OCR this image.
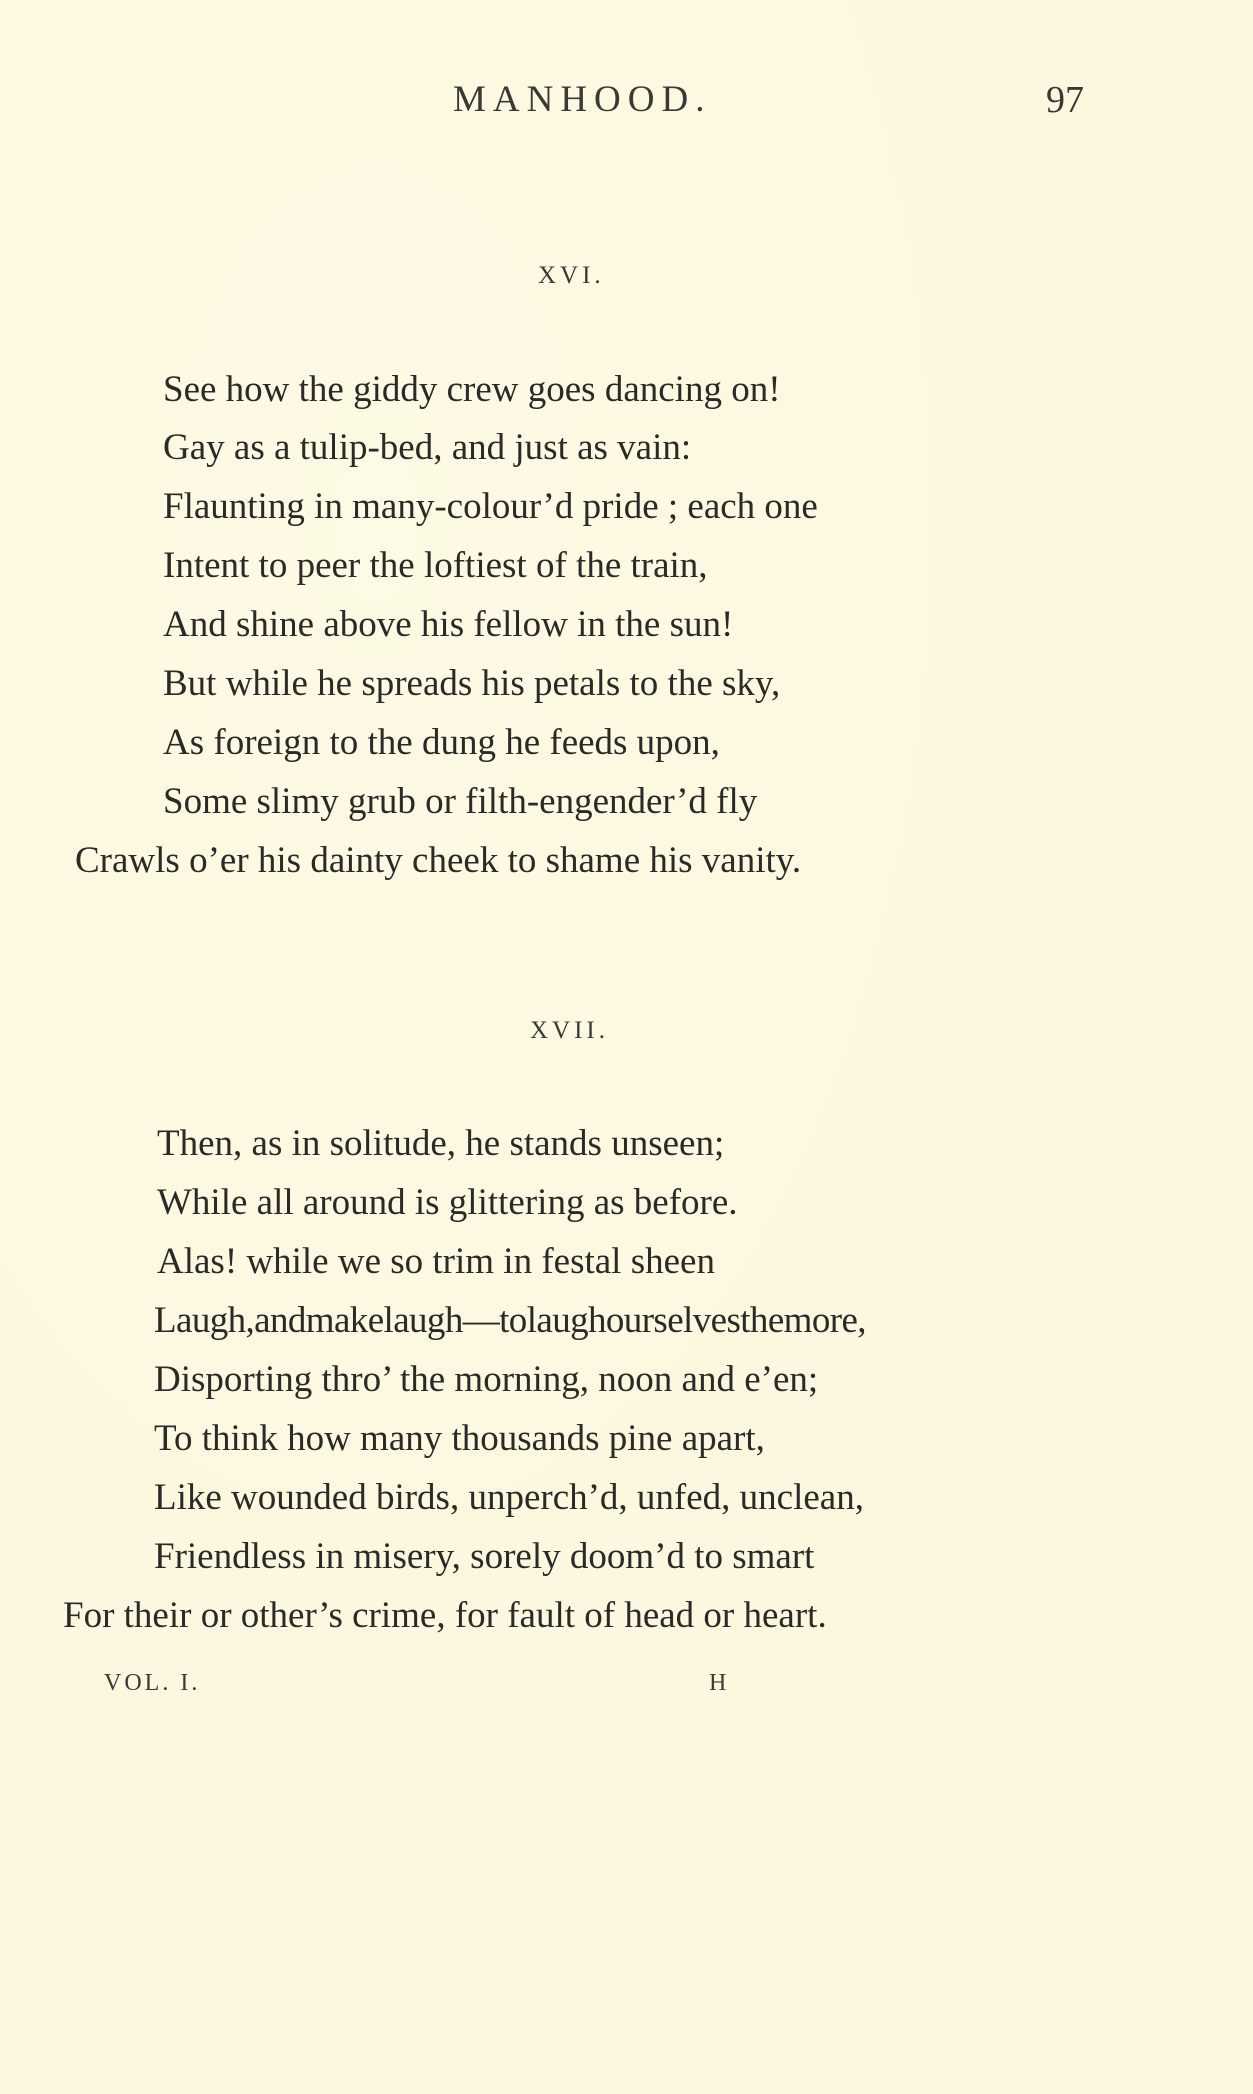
MANHOOD.	97
XVI.
See how the giddy crew goes dancing on!
Gay as a tulip-bed, and just as vain:
Flaunting in many-colour’d pride ; each one
Intent to peer the loftiest of the train,
And shine above his fellow in the sun!
But while he spreads his petals to the sky,
As foreign to the dung he feeds upon,
Some slimy grub or filth-engender’d fly
Crawls o’er his dainty cheek to shame his vanity.
XVII.
Then, as in solitude, he stands unseen;
While all around is glittering as before.
Alas! while we so trim in festal sheen
Laugh,andmakelaugh—tolaughourselvesthemore,
Disporting thro’ the morning, noon and e’en;
To think how many thousands pine apart,
Like wounded birds, unperch’d, unfed, unclean,
Friendless in misery, sorely doom’d to smart
For their or other’s crime, for fault of head or heart.
VOL. I.	H
